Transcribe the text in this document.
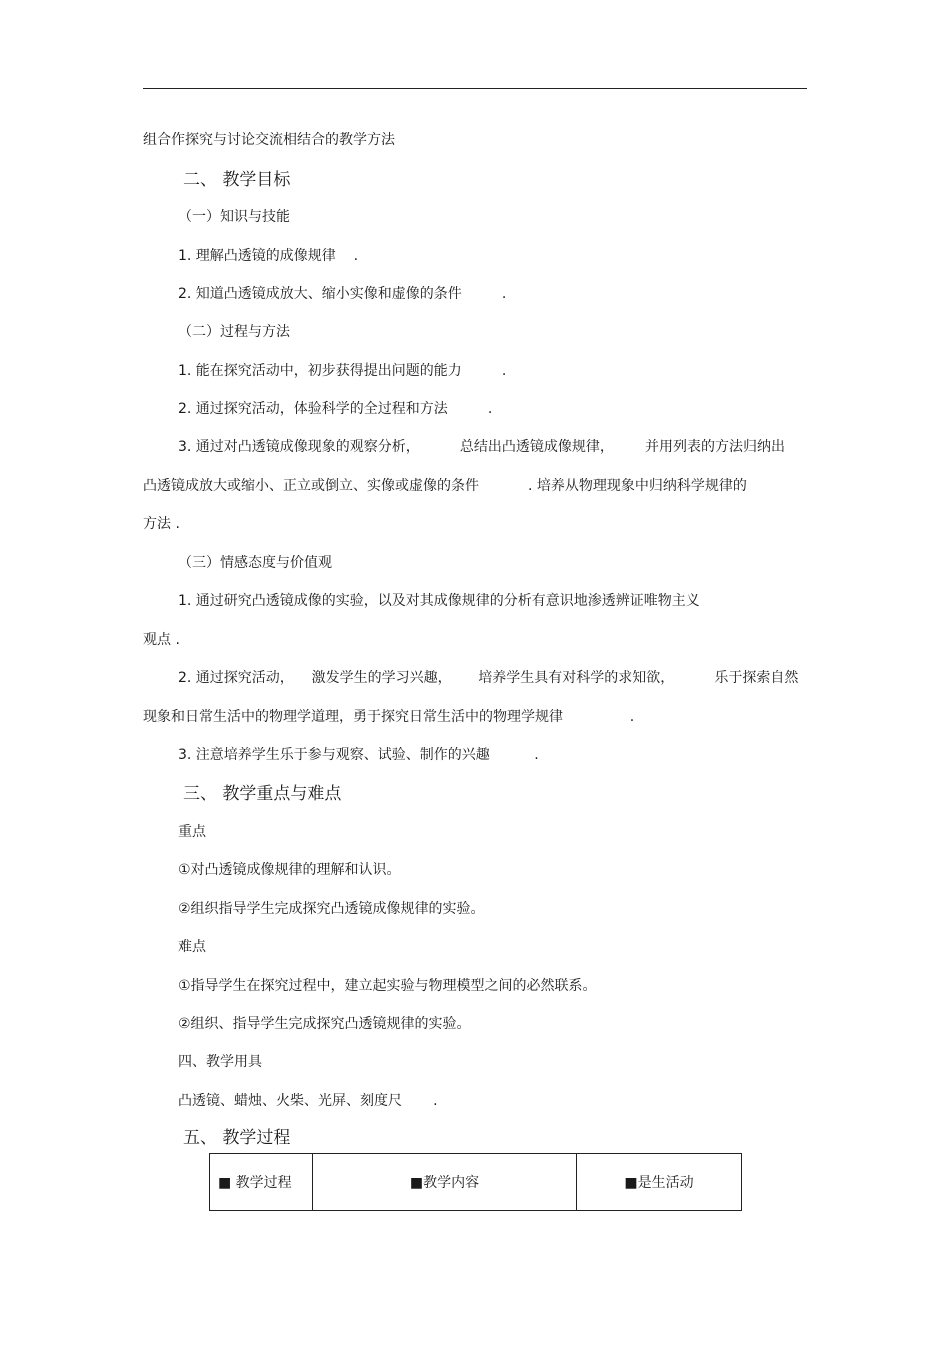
组合作探究与讨论交流相结合的教学方法
二、 教学目标
（一）知识与技能
1. 理解凸透镜的成像规律    .
2. 知道凸透镜成放大、缩小实像和虚像的条件         .
（二）过程与方法
1. 能在探究活动中，初步获得提出问题的能力         .
2. 通过探究活动，体验科学的全过程和方法         .
3. 通过对凸透镜成像现象的观察分析，         总结出凸透镜成像规律，       并用列表的方法归纳出
凸透镜成放大或缩小、正立或倒立、实像或虚像的条件           . 培养从物理现象中归纳科学规律的
方法 .
（三）情感态度与价值观
1. 通过研究凸透镜成像的实验，以及对其成像规律的分析有意识地渗透辨证唯物主义
观点 .
2. 通过探究活动，    激发学生的学习兴趣，      培养学生具有对科学的求知欲，         乐于探索自然
现象和日常生活中的物理学道理，勇于探究日常生活中的物理学规律               .
3. 注意培养学生乐于参与观察、试验、制作的兴趣          .
三、 教学重点与难点
重点
①对凸透镜成像规律的理解和认识。
②组织指导学生完成探究凸透镜成像规律的实验。
难点
①指导学生在探究过程中，建立起实验与物理模型之间的必然联系。
②组织、指导学生完成探究凸透镜规律的实验。
四、教学用具
凸透镜、蜡烛、火柴、光屏、刻度尺       .
五、 教学过程
■ 教学过程	■教学内容	■是生活动
